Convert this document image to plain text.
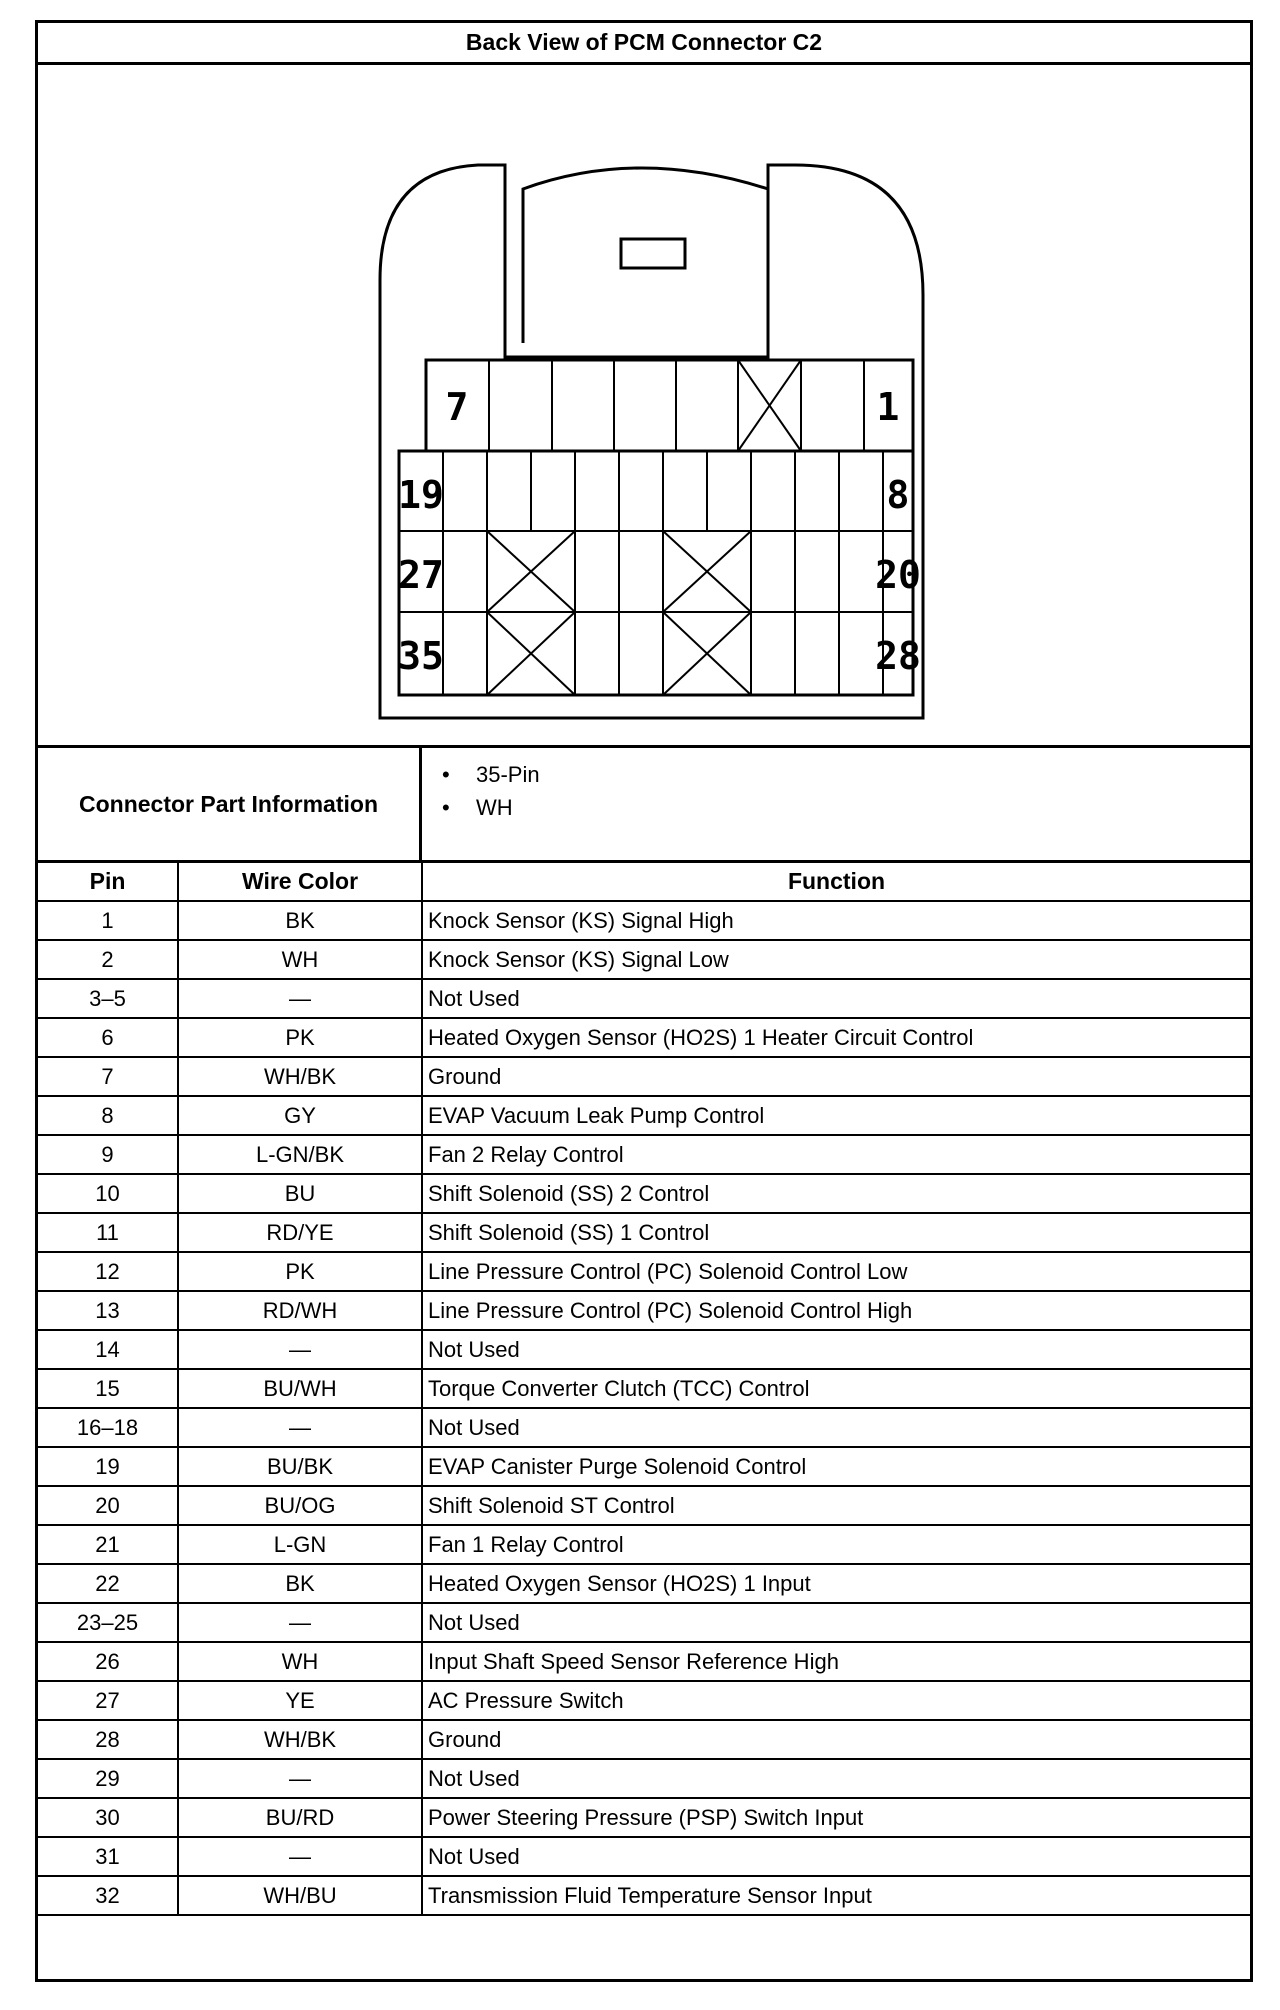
Back View of PCM Connector C2
7	1
19	8
27	20
35	28
Connector Part Information
• 35-Pin
• WH
Pin	Wire Color	Function
1	BK	Knock Sensor (KS) Signal High
2	WH	Knock Sensor (KS) Signal Low
3–5	—	Not Used
6	PK	Heated Oxygen Sensor (HO2S) 1 Heater Circuit Control
7	WH/BK	Ground
8	GY	EVAP Vacuum Leak Pump Control
9	L-GN/BK	Fan 2 Relay Control
10	BU	Shift Solenoid (SS) 2 Control
11	RD/YE	Shift Solenoid (SS) 1 Control
12	PK	Line Pressure Control (PC) Solenoid Control Low
13	RD/WH	Line Pressure Control (PC) Solenoid Control High
14	—	Not Used
15	BU/WH	Torque Converter Clutch (TCC) Control
16–18	—	Not Used
19	BU/BK	EVAP Canister Purge Solenoid Control
20	BU/OG	Shift Solenoid ST Control
21	L-GN	Fan 1 Relay Control
22	BK	Heated Oxygen Sensor (HO2S) 1 Input
23–25	—	Not Used
26	WH	Input Shaft Speed Sensor Reference High
27	YE	AC Pressure Switch
28	WH/BK	Ground
29	—	Not Used
30	BU/RD	Power Steering Pressure (PSP) Switch Input
31	—	Not Used
32	WH/BU	Transmission Fluid Temperature Sensor Input
